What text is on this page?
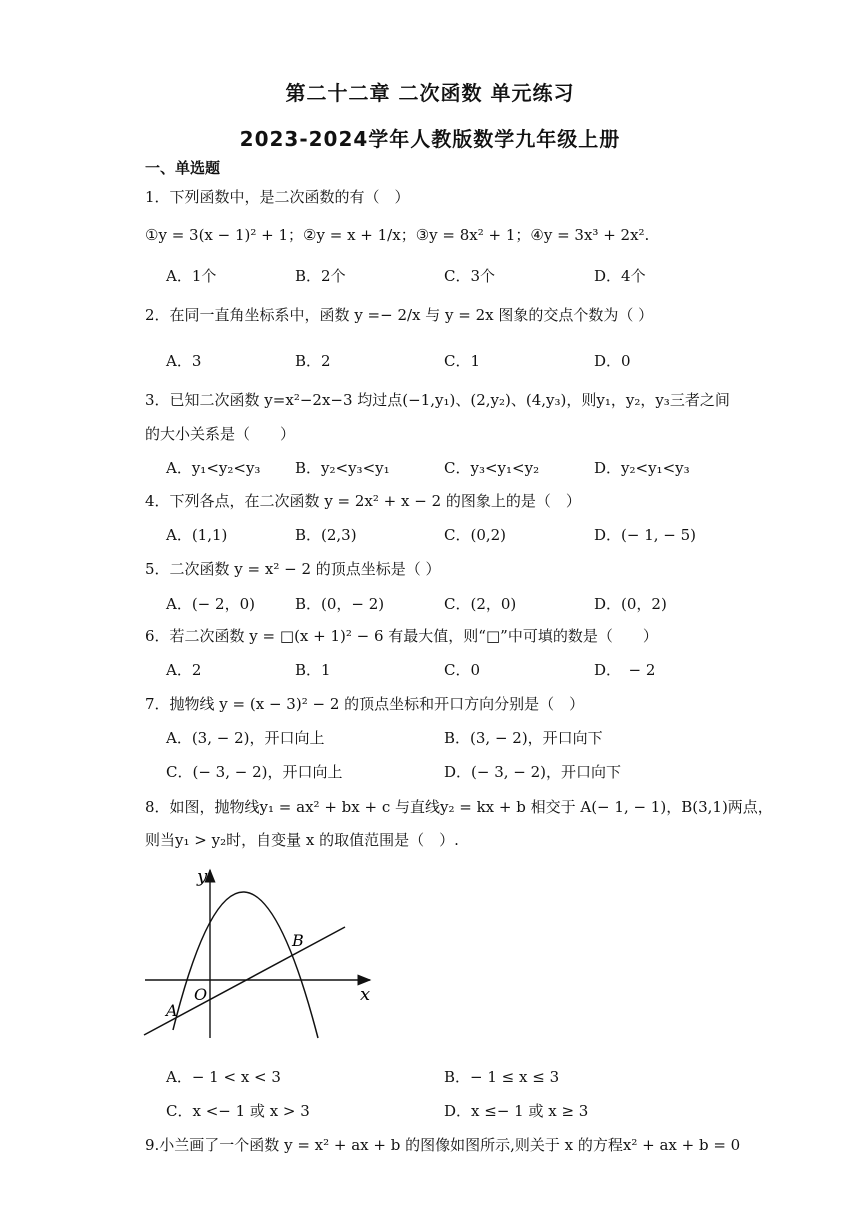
第二十二章 二次函数 单元练习
2023-2024学年人教版数学九年级上册
一、单选题
1．下列函数中，是二次函数的有（　）
①y = 3(x − 1)² + 1；②y = x + 1/x；③y = 8x² + 1；④y = 3x³ + 2x².
A．1个	B．2个	C．3个	D．4个
2．在同一直角坐标系中，函数 y =− 2/x 与 y = 2x 图象的交点个数为（ ）
A．3	B．2	C．1	D．0
3．已知二次函数 y=x²−2x−3 均过点(−1,y₁)、(2,y₂)、(4,y₃)，则y₁，y₂，y₃三者之间
的大小关系是（　　）
A．y₁<y₂<y₃ B．y₂<y₃<y₁	C．y₃<y₁<y₂	D．y₂<y₁<y₃
4．下列各点，在二次函数 y = 2x² + x − 2 的图象上的是（　）
A．(1,1)	B．(2,3)	C．(0,2)	D．(− 1, − 5)
5．二次函数 y = x² − 2 的顶点坐标是（ ）
A．(− 2，0)	B．(0，− 2)	C．(2，0)	D．(0，2)
6．若二次函数 y = □(x + 1)² − 6 有最大值，则“□”中可填的数是（　　）
A．2	B．1	C．0	D．　− 2
7．抛物线 y = (x − 3)² − 2 的顶点坐标和开口方向分别是（　）
A．(3, − 2)，开口向上	B．(3, − 2)，开口向下
C．(− 3, − 2)，开口向上	D．(− 3, − 2)，开口向下
8．如图，抛物线y₁ = ax² + bx + c 与直线y₂ = kx + b 相交于 A(− 1, − 1)，B(3,1)两点，
则当y₁ > y₂时，自变量 x 的取值范围是（　）.
y
x
O
A
B
A．− 1 < x < 3	B．− 1 ≤ x ≤ 3
C．x <− 1 或 x > 3	D．x ≤− 1 或 x ≥ 3
9.小兰画了一个函数 y = x² + ax + b 的图像如图所示,则关于 x 的方程x² + ax + b = 0
